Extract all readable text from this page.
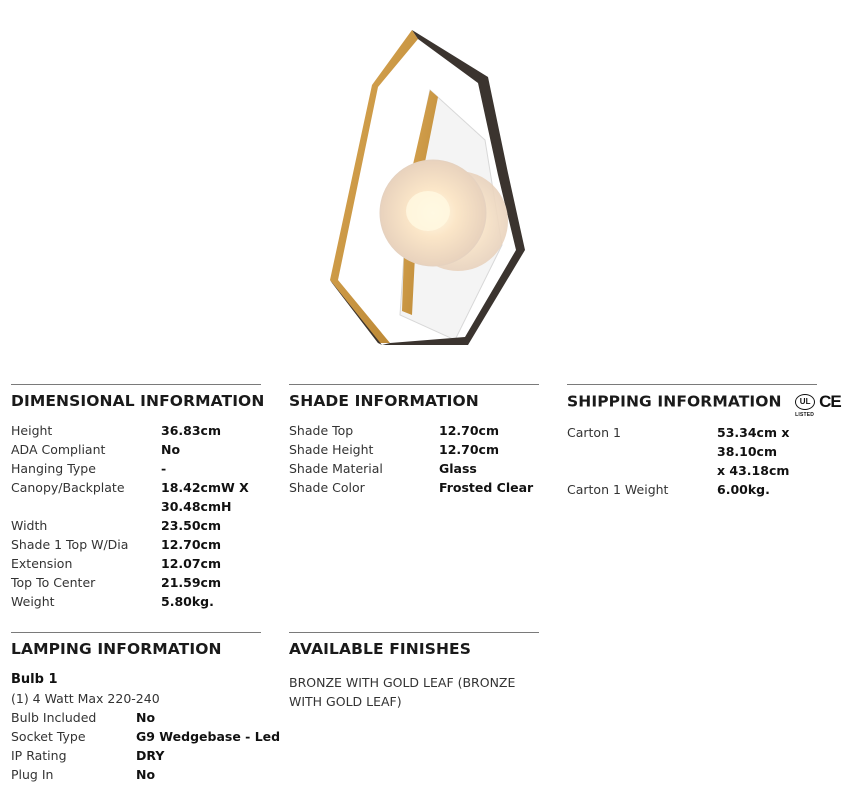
DIMENSIONAL INFORMATION
Height	36.83cm
ADA Compliant	No
Hanging Type	-
Canopy/Backplate	18.42cmW X
30.48cmH
Width	23.50cm
Shade 1 Top W/Dia	12.70cm
Extension	12.07cm
Top To Center	21.59cm
Weight	5.80kg.
SHADE INFORMATION
Shade Top	12.70cm
Shade Height	12.70cm
Shade Material	Glass
Shade Color	Frosted Clear
SHIPPING INFORMATION	UL
LISTED
CE
Carton 1	53.34cm x 38.10cm
x 43.18cm
Carton 1 Weight	6.00kg.
LAMPING INFORMATION
Bulb 1
(1) 4 Watt Max 220-240
Bulb Included	No
Socket Type	G9 Wedgebase - Led
IP Rating	DRY
Plug In	No
AVAILABLE FINISHES
BRONZE WITH GOLD LEAF (BRONZE WITH GOLD LEAF)
